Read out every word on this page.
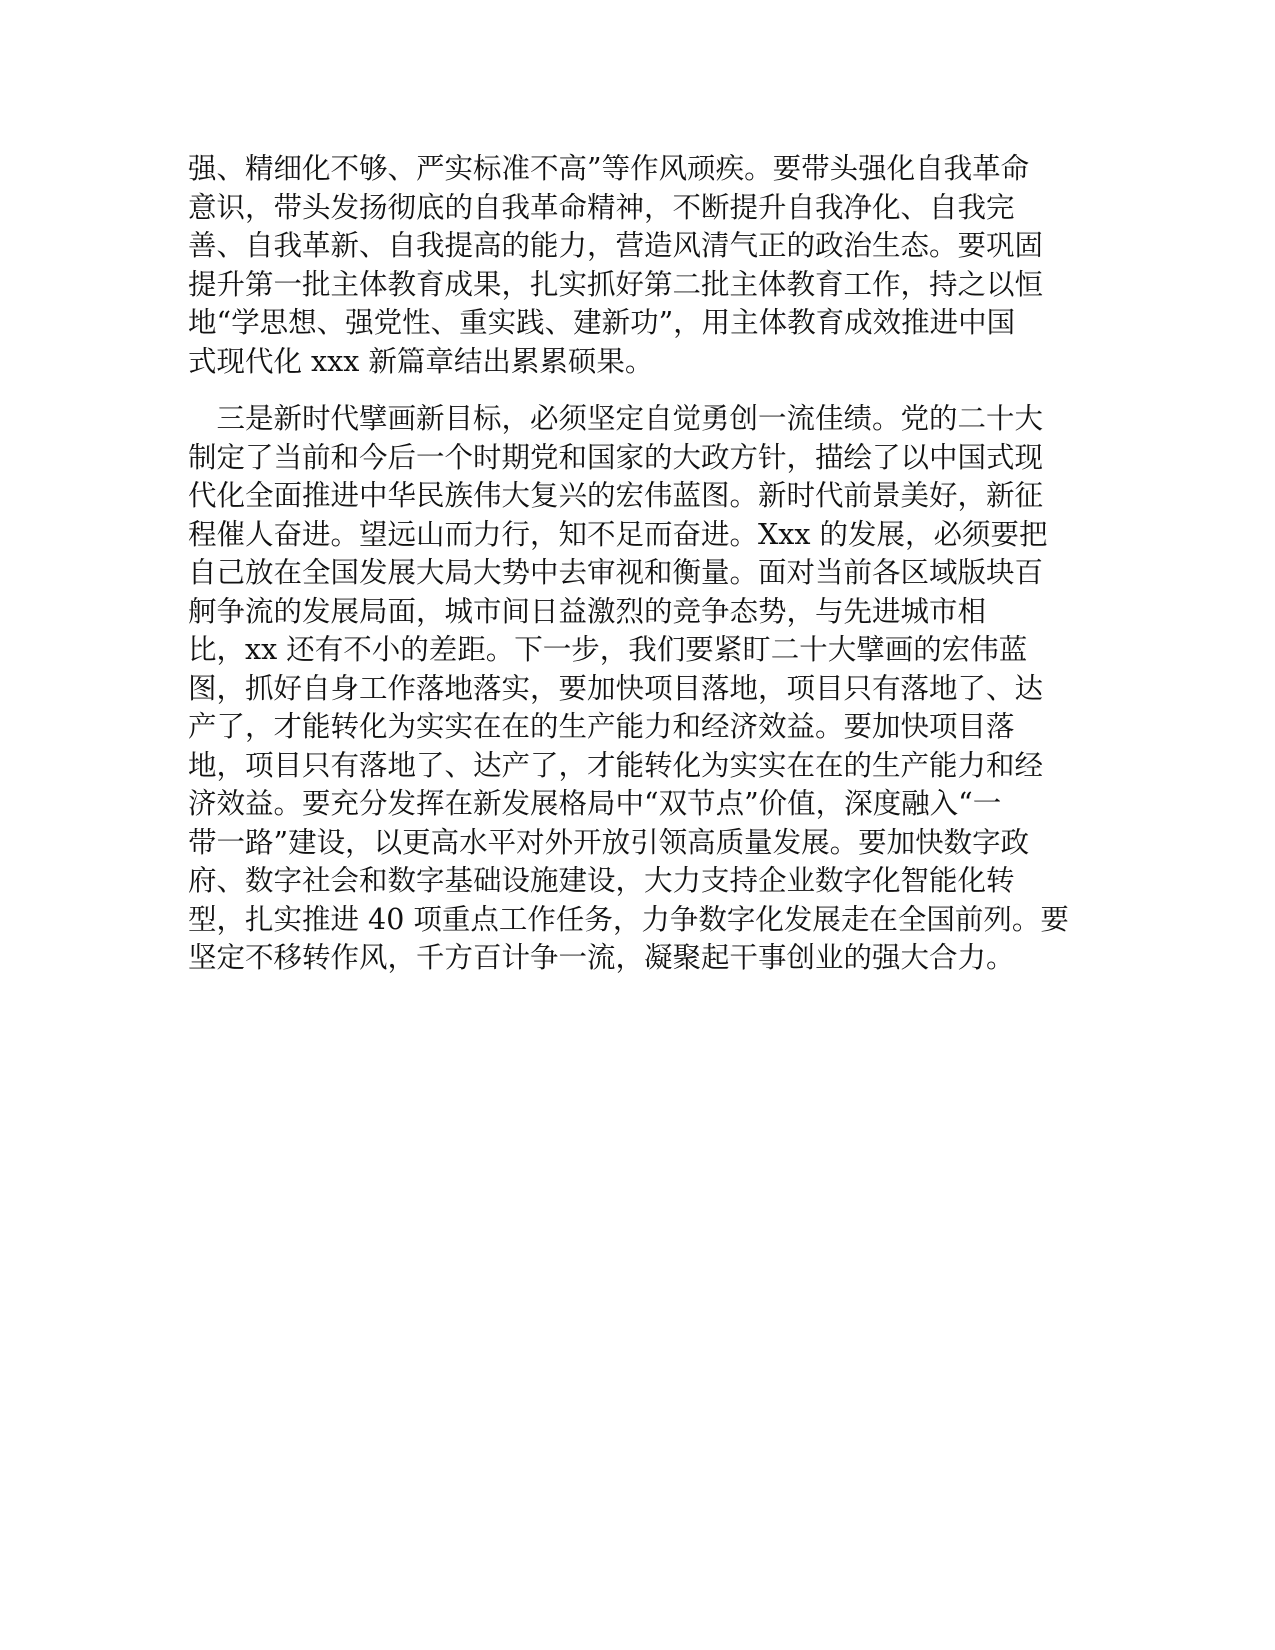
强、精细化不够、严实标准不高”等作风顽疾。要带头强化自我革命
意识，带头发扬彻底的自我革命精神，不断提升自我净化、自我完
善、自我革新、自我提高的能力，营造风清气正的政治生态。要巩固
提升第一批主体教育成果，扎实抓好第二批主体教育工作，持之以恒
地“学思想、强党性、重实践、建新功”，用主体教育成效推进中国
式现代化 xxx 新篇章结出累累硕果。
　三是新时代擘画新目标，必须坚定自觉勇创一流佳绩。党的二十大
制定了当前和今后一个时期党和国家的大政方针，描绘了以中国式现
代化全面推进中华民族伟大复兴的宏伟蓝图。新时代前景美好，新征
程催人奋进。望远山而力行，知不足而奋进。Xxx 的发展，必须要把
自己放在全国发展大局大势中去审视和衡量。面对当前各区域版块百
舸争流的发展局面，城市间日益激烈的竞争态势，与先进城市相
比，xx 还有不小的差距。下一步，我们要紧盯二十大擘画的宏伟蓝
图，抓好自身工作落地落实，要加快项目落地，项目只有落地了、达
产了，才能转化为实实在在的生产能力和经济效益。要加快项目落
地，项目只有落地了、达产了，才能转化为实实在在的生产能力和经
济效益。要充分发挥在新发展格局中“双节点”价值，深度融入“一
带一路”建设，以更高水平对外开放引领高质量发展。要加快数字政
府、数字社会和数字基础设施建设，大力支持企业数字化智能化转
型，扎实推进 40 项重点工作任务，力争数字化发展走在全国前列。要
坚定不移转作风，千方百计争一流，凝聚起干事创业的强大合力。
